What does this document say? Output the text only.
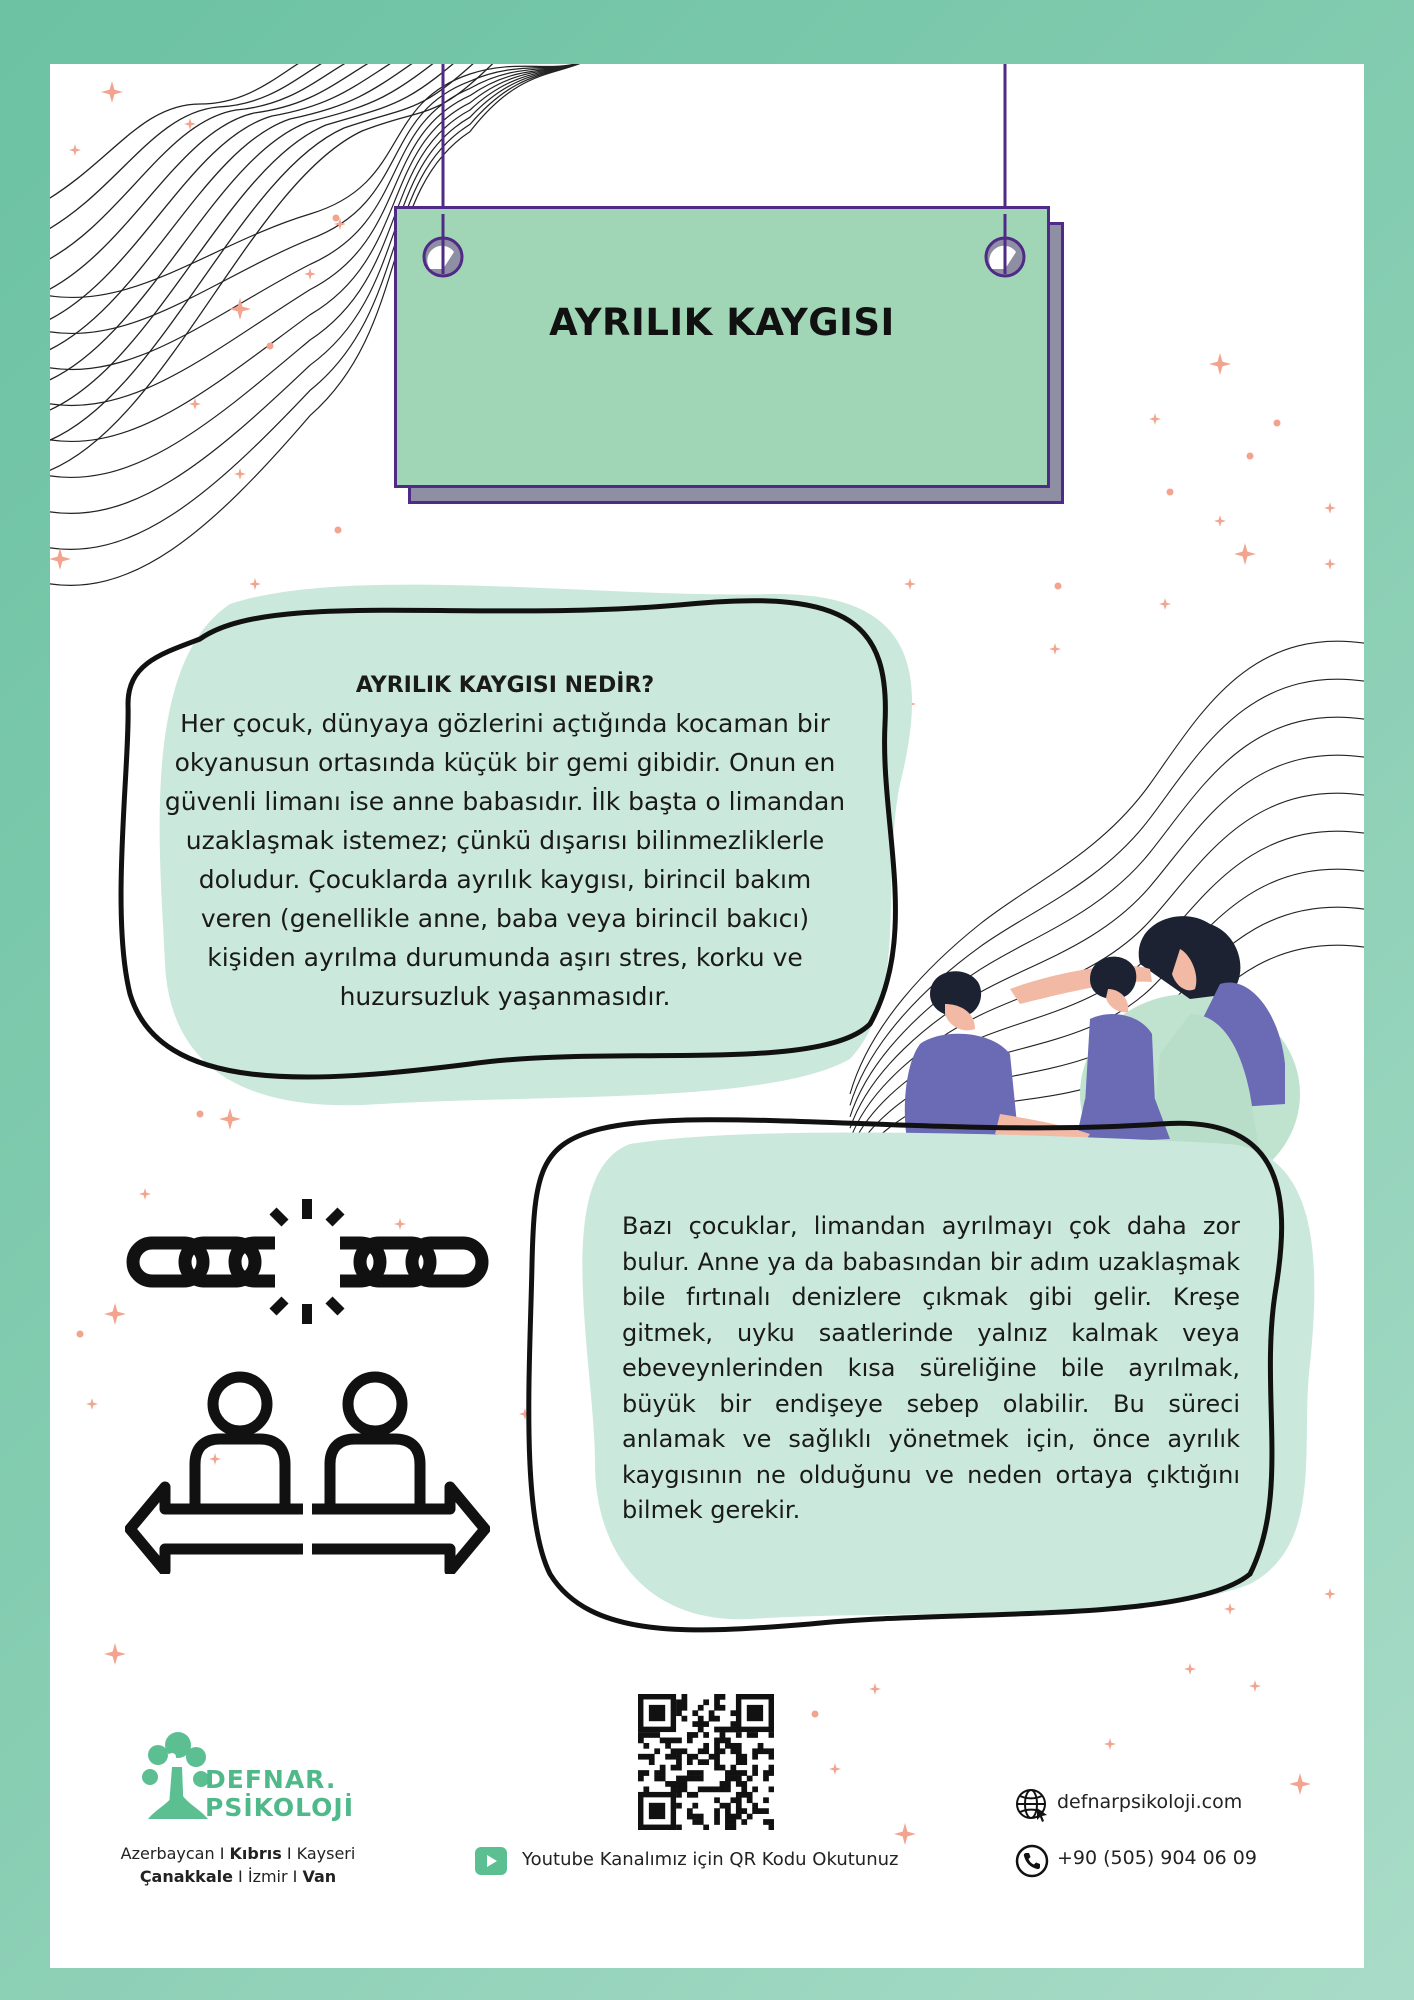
AYRILIK KAYGISI
AYRILIK KAYGISI NEDİR?
Her çocuk, dünyaya gözlerini açtığında kocaman bir okyanusun ortasında küçük bir gemi gibidir. Onun en güvenli limanı ise anne babasıdır. İlk başta o limandan uzaklaşmak istemez; çünkü dışarısı bilinmezliklerle doludur. Çocuklarda ayrılık kaygısı, birincil bakım veren (genellikle anne, baba veya birincil bakıcı) kişiden ayrılma durumunda aşırı stres, korku ve huzursuzluk yaşanmasıdır.
Bazı çocuklar, limandan ayrılmayı çok daha zor bulur. Anne ya da babasından bir adım uzaklaşmak bile fırtınalı denizlere çıkmak gibi gelir. Kreşe gitmek, uyku saatlerinde yalnız kalmak veya ebeveynlerinden kısa süreliğine bile ayrılmak, büyük bir endişeye sebep olabilir. Bu süreci anlamak ve sağlıklı yönetmek için, önce ayrılık kaygısının ne olduğunu ve neden ortaya çıktığını bilmek gerekir.
DEFNAR.
PSİKOLOJİ
Azerbaycan I Kıbrıs I Kayseri
Çanakkale I İzmir I Van
Youtube Kanalımız için QR Kodu Okutunuz
defnarpsikoloji.com
+90 (505) 904 06 09
